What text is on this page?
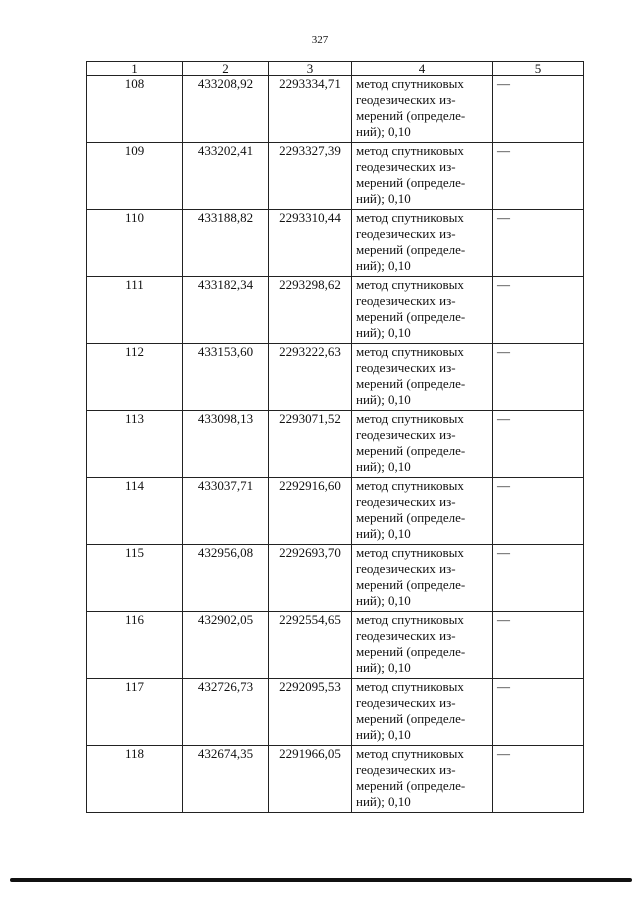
327
1	2	3	4	5
108	433208,92	2293334,71	метод спутниковых
геодезических из-
мерений (определе-
ний); 0,10	—
109	433202,41	2293327,39	метод спутниковых
геодезических из-
мерений (определе-
ний); 0,10	—
110	433188,82	2293310,44	метод спутниковых
геодезических из-
мерений (определе-
ний); 0,10	—
111	433182,34	2293298,62	метод спутниковых
геодезических из-
мерений (определе-
ний); 0,10	—
112	433153,60	2293222,63	метод спутниковых
геодезических из-
мерений (определе-
ний); 0,10	—
113	433098,13	2293071,52	метод спутниковых
геодезических из-
мерений (определе-
ний); 0,10	—
114	433037,71	2292916,60	метод спутниковых
геодезических из-
мерений (определе-
ний); 0,10	—
115	432956,08	2292693,70	метод спутниковых
геодезических из-
мерений (определе-
ний); 0,10	—
116	432902,05	2292554,65	метод спутниковых
геодезических из-
мерений (определе-
ний); 0,10	—
117	432726,73	2292095,53	метод спутниковых
геодезических из-
мерений (определе-
ний); 0,10	—
118	432674,35	2291966,05	метод спутниковых
геодезических из-
мерений (определе-
ний); 0,10	—
